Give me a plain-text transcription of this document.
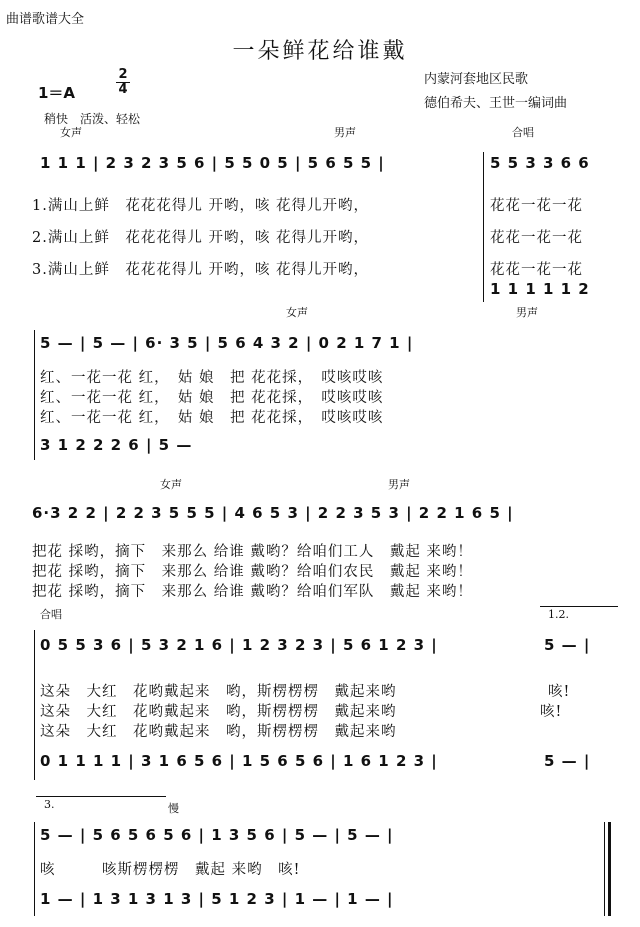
曲谱歌谱大全
一朵鲜花给谁戴
1＝A	$\frac{2}{4}$
稍快　活泼、轻松
内蒙河套地区民歌
德伯希夫、王世一编词曲
女声	男声	合唱
1 1 1 | 2 3 2 3 5 6 | 5 5 0 5 | 5 6 5 5 |	5 5 3 3 6 6
1.满山上鲜　花花花得儿 开哟，咳 花得儿开哟，	花花一花一花
2.满山上鲜　花花花得儿 开哟，咳 花得儿开哟，	花花一花一花
3.满山上鲜　花花花得儿 开哟，咳 花得儿开哟，	花花一花一花
1 1 1 1 1 2
女声	男声
5 — | 5 — | 6· 3 5 | 5 6 4 3 2 | 0 2 1 7 1 |
红、一花一花 红，　姑 娘　把 花花採，　哎咳哎咳
红、一花一花 红，　姑 娘　把 花花採，　哎咳哎咳
红、一花一花 红，　姑 娘　把 花花採，　哎咳哎咳
3 1 2 2 2 6 | 5 —
女声	男声
6·3 2 2 | 2 2 3 5 5 5 | 4 6 5 3 | 2 2 3 5 3 | 2 2 1 6 5 |
把花 採哟，摘下　来那么 给谁 戴哟？给咱们工人　戴起 来哟！
把花 採哟，摘下　来那么 给谁 戴哟？给咱们农民　戴起 来哟！
把花 採哟，摘下　来那么 给谁 戴哟？给咱们军队　戴起 来哟！
合唱	1.2.
0 5 5 3 6 | 5 3 2 1 6 | 1 2 3 2 3 | 5 6 1 2 3 |	5 — |
这朵　大红　花哟戴起来　哟，斯楞楞楞　戴起来哟	咳!
这朵　大红　花哟戴起来　哟，斯楞楞楞　戴起来哟	咳!
这朵　大红　花哟戴起来　哟，斯楞楞楞　戴起来哟
0 1 1 1 1 | 3 1 6 5 6 | 1 5 6 5 6 | 1 6 1 2 3 |	5 — |
3.	慢
5 — | 5 6 5 6 5 6 | 1 3 5 6 | 5 — | 5 — |
咳　　　咳斯楞楞楞　戴起 来哟　咳!
1 — | 1 3 1 3 1 3 | 5 1 2 3 | 1 — | 1 — |
